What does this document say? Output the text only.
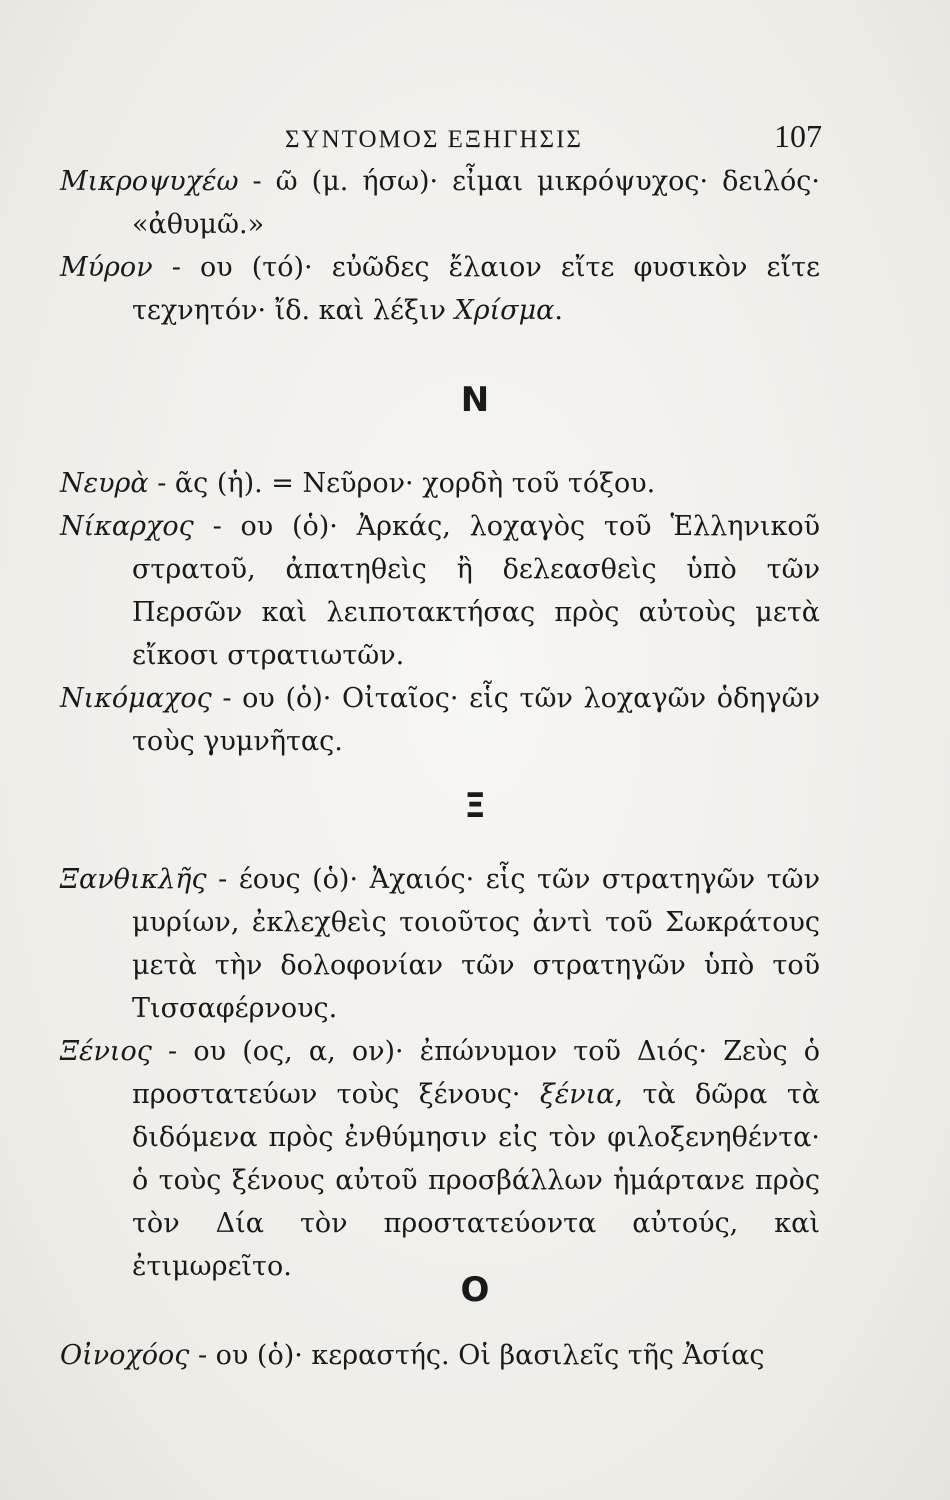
ΣΥΝΤΟΜΟΣ ΕΞΗΓΗΣΙΣ	107

Μικροψυχέω - ῶ (μ. ήσω)· εἶμαι μικρόψυχος· δειλός· «ἀθυμῶ.»

Μύρον - ου (τό)· εὐῶδες ἔλαιον εἴτε φυσικὸν εἴτε τεχνητόν· ἴδ. καὶ λέξιν Χρίσμα.

Ν

Νευρὰ - ᾶς (ἡ). = Νεῦρον· χορδὴ τοῦ τόξου.

Νίκαρχος - ου (ὁ)· Ἀρκάς, λοχαγὸς τοῦ Ἑλληνικοῦ στρατοῦ, ἀπατηθεὶς ἢ δελεασθεὶς ὑπὸ τῶν Περσῶν καὶ λειποτακτήσας πρὸς αὐτοὺς μετὰ εἴκοσι στρατιωτῶν.

Νικόμαχος - ου (ὁ)· Οἰταῖος· εἷς τῶν λοχαγῶν ὁδηγῶν τοὺς γυμνῆτας.

Ξ

Ξανθικλῆς - έους (ὁ)· Ἀχαιός· εἷς τῶν στρατηγῶν τῶν μυρίων, ἐκλεχθεὶς τοιοῦτος ἀντὶ τοῦ Σωκράτους μετὰ τὴν δολοφονίαν τῶν στρατηγῶν ὑπὸ τοῦ Τισσαφέρνους.

Ξένιος - ου (ος, α, ον)· ἐπώνυμον τοῦ Διός· Ζεὺς ὁ προστατεύων τοὺς ξένους· ξένια, τὰ δῶρα τὰ διδόμενα πρὸς ἐνθύμησιν εἰς τὸν φιλοξενηθέντα· ὁ τοὺς ξένους αὐτοῦ προσβάλλων ἡμάρτανε πρὸς τὸν Δία τὸν προστατεύοντα αὐτούς, καὶ ἐτιμωρεῖτο.

Ο

Οἰνοχόος - ου (ὁ)· κεραστής. Οἱ βασιλεῖς τῆς Ἀσίας
